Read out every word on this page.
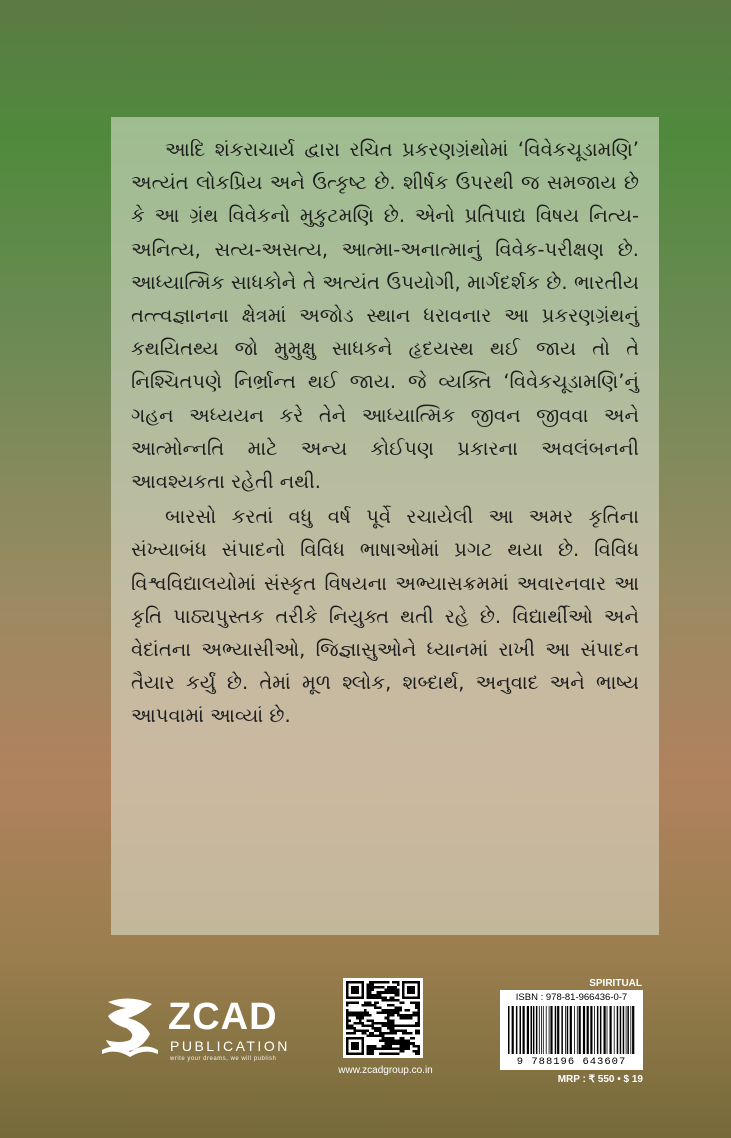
આદિ શંકરાચાર્ય દ્વારા રચિત પ્રકરણગ્રંથોમાં ‘વિવેકચૂડામણિ’ અત્યંત લોકપ્રિય અને ઉત્કૃષ્ટ છે. શીર્ષક ઉપરથી જ સમજાય છે કે આ ગ્રંથ વિવેકનો મુકુટમણિ છે. એનો પ્રતિપાદ્ય વિષય નિત્ય-અનિત્ય, સત્ય-અસત્ય, આત્મા-અનાત્માનું વિવેક-પરીક્ષણ છે. આધ્યાત્મિક સાધકોને તે અત્યંત ઉપયોગી, માર્ગદર્શક છે. ભારતીય તત્ત્વજ્ઞાનના ક્ષેત્રમાં અજોડ સ્થાન ધરાવનાર આ પ્રકરણગ્રંથનું કથયિતથ્ય જો મુમુક્ષુ સાધકને હૃદયસ્થ થઈ જાય તો તે નિશ્ચિતપણે નિર્ભ્રાન્ત થઈ જાય. જે વ્યક્તિ ‘વિવેકચૂડામણિ’નું ગહન અધ્યયન કરે તેને આધ્યાત્મિક જીવન જીવવા અને આત્મોન્નતિ માટે અન્ય કોઈપણ પ્રકારના અવલંબનની આવશ્યકતા રહેતી નથી.

બારસો કરતાં વધુ વર્ષ પૂર્વે રચાયેલી આ અમર કૃતિના સંખ્યાબંધ સંપાદનો વિવિધ ભાષાઓમાં પ્રગટ થયા છે. વિવિધ વિશ્વવિદ્યાલયોમાં સંસ્કૃત વિષયના અભ્યાસક્રમમાં અવારનવાર આ કૃતિ પાઠ્યપુસ્તક તરીકે નિયુક્ત થતી રહે છે. વિદ્યાર્થીઓ અને વેદાંતના અભ્યાસીઓ, જિજ્ઞાસુઓને ધ્યાનમાં રાખી આ સંપાદન તૈયાર કર્યું છે. તેમાં મૂળ શ્લોક, શબ્દાર્થ, અનુવાદ અને ભાષ્ય આપવામાં આવ્યાં છે.

ZCAD
PUBLICATION
write your dreams, we will publish
www.zcadgroup.co.in
SPIRITUAL
ISBN : 978-81-966436-0-7
9 788196 643607
MRP : ₹ 550 • $ 19
